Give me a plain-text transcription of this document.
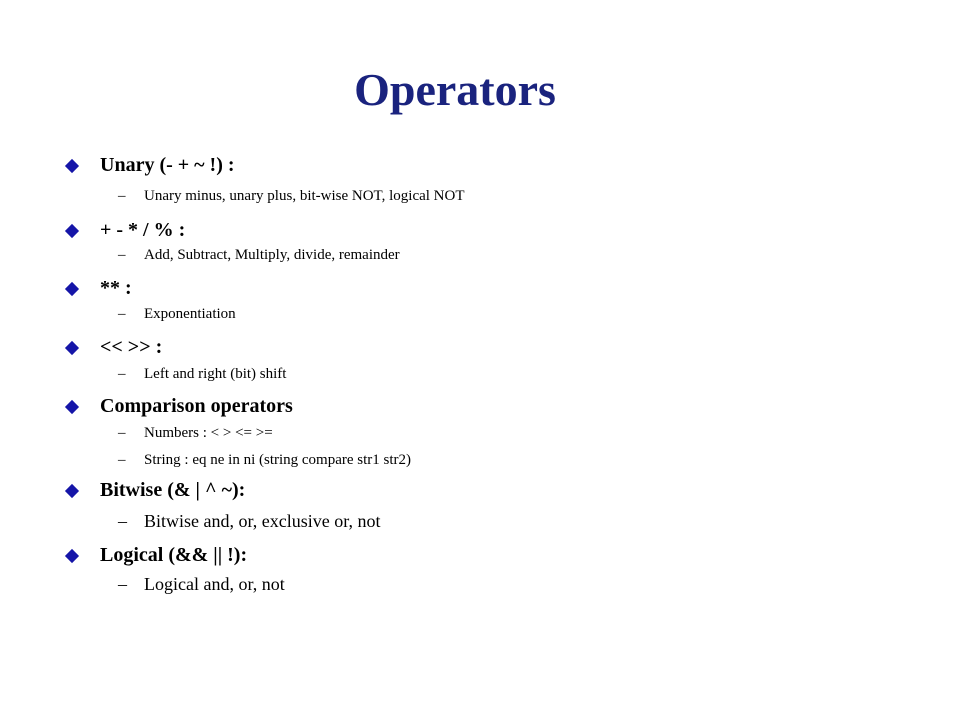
Operators
Unary (- + ~ !) :
–	Unary minus, unary plus, bit-wise NOT, logical NOT
+ - * / % :
–	Add, Subtract, Multiply, divide, remainder
** :
–	Exponentiation
<< >> :
–	Left and right (bit) shift
Comparison operators
–	Numbers : < > <= >=
–	String : eq ne in ni (string compare str1 str2)
Bitwise (& | ^ ~):
– Bitwise and, or, exclusive or, not
Logical (&& || !):
– Logical and, or, not
